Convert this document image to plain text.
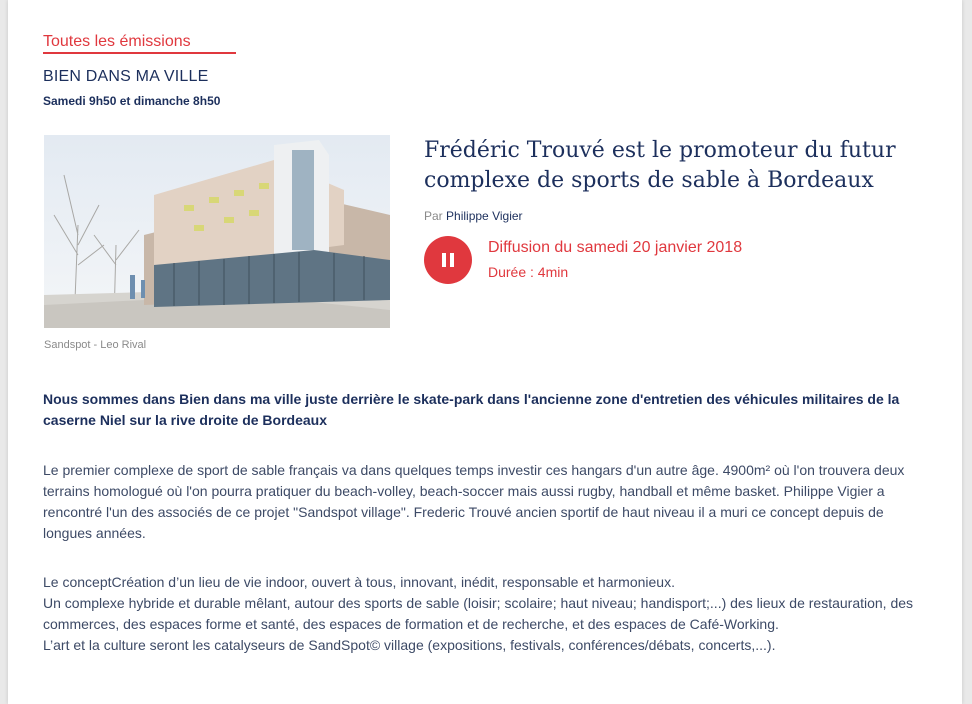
Toutes les émissions
BIEN DANS MA VILLE
Samedi 9h50 et dimanche 8h50
Sandspot - Leo Rival
Frédéric Trouvé est le promoteur du futur complexe de sports de sable à Bordeaux
Par Philippe Vigier
Diffusion du samedi 20 janvier 2018
Durée : 4min

Nous sommes dans Bien dans ma ville juste derrière le skate-park dans l'ancienne zone d'entretien des véhicules militaires de la caserne Niel sur la rive droite de Bordeaux

Le premier complexe de sport de sable français va dans quelques temps investir ces hangars d'un autre âge. 4900m² où l'on trouvera deux terrains homologué où l'on pourra pratiquer du beach-volley, beach-soccer mais aussi rugby, handball et même basket. Philippe Vigier a rencontré l'un des associés de ce projet "Sandspot village". Frederic Trouvé ancien sportif de haut niveau il a muri ce concept depuis de longues années.

Le conceptCréation d’un lieu de vie indoor, ouvert à tous, innovant, inédit, responsable et harmonieux.
Un complexe hybride et durable mêlant, autour des sports de sable (loisir; scolaire; haut niveau; handisport;...) des lieux de restauration, des commerces, des espaces forme et santé, des espaces de formation et de recherche, et des espaces de Café-Working.
L’art et la culture seront les catalyseurs de SandSpot© village (expositions, festivals, conférences/débats, concerts,...).
